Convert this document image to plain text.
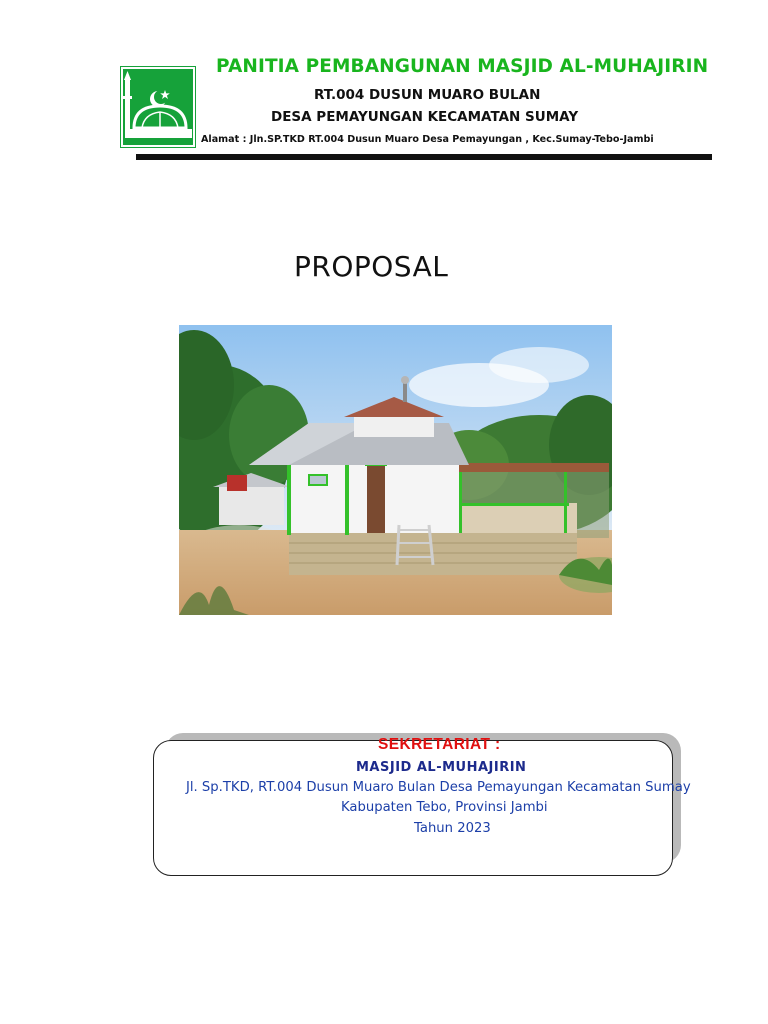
PANITIA PEMBANGUNAN MASJID AL-MUHAJIRIN
RT.004 DUSUN MUARO BULAN
DESA PEMAYUNGAN KECAMATAN SUMAY
Alamat : Jln.SP.TKD RT.004 Dusun Muaro Desa Pemayungan , Kec.Sumay-Tebo-Jambi
PROPOSAL
SEKRETARIAT :
MASJID AL-MUHAJIRIN
Jl. Sp.TKD, RT.004 Dusun Muaro Bulan Desa Pemayungan Kecamatan Sumay
Kabupaten Tebo, Provinsi Jambi
Tahun 2023
